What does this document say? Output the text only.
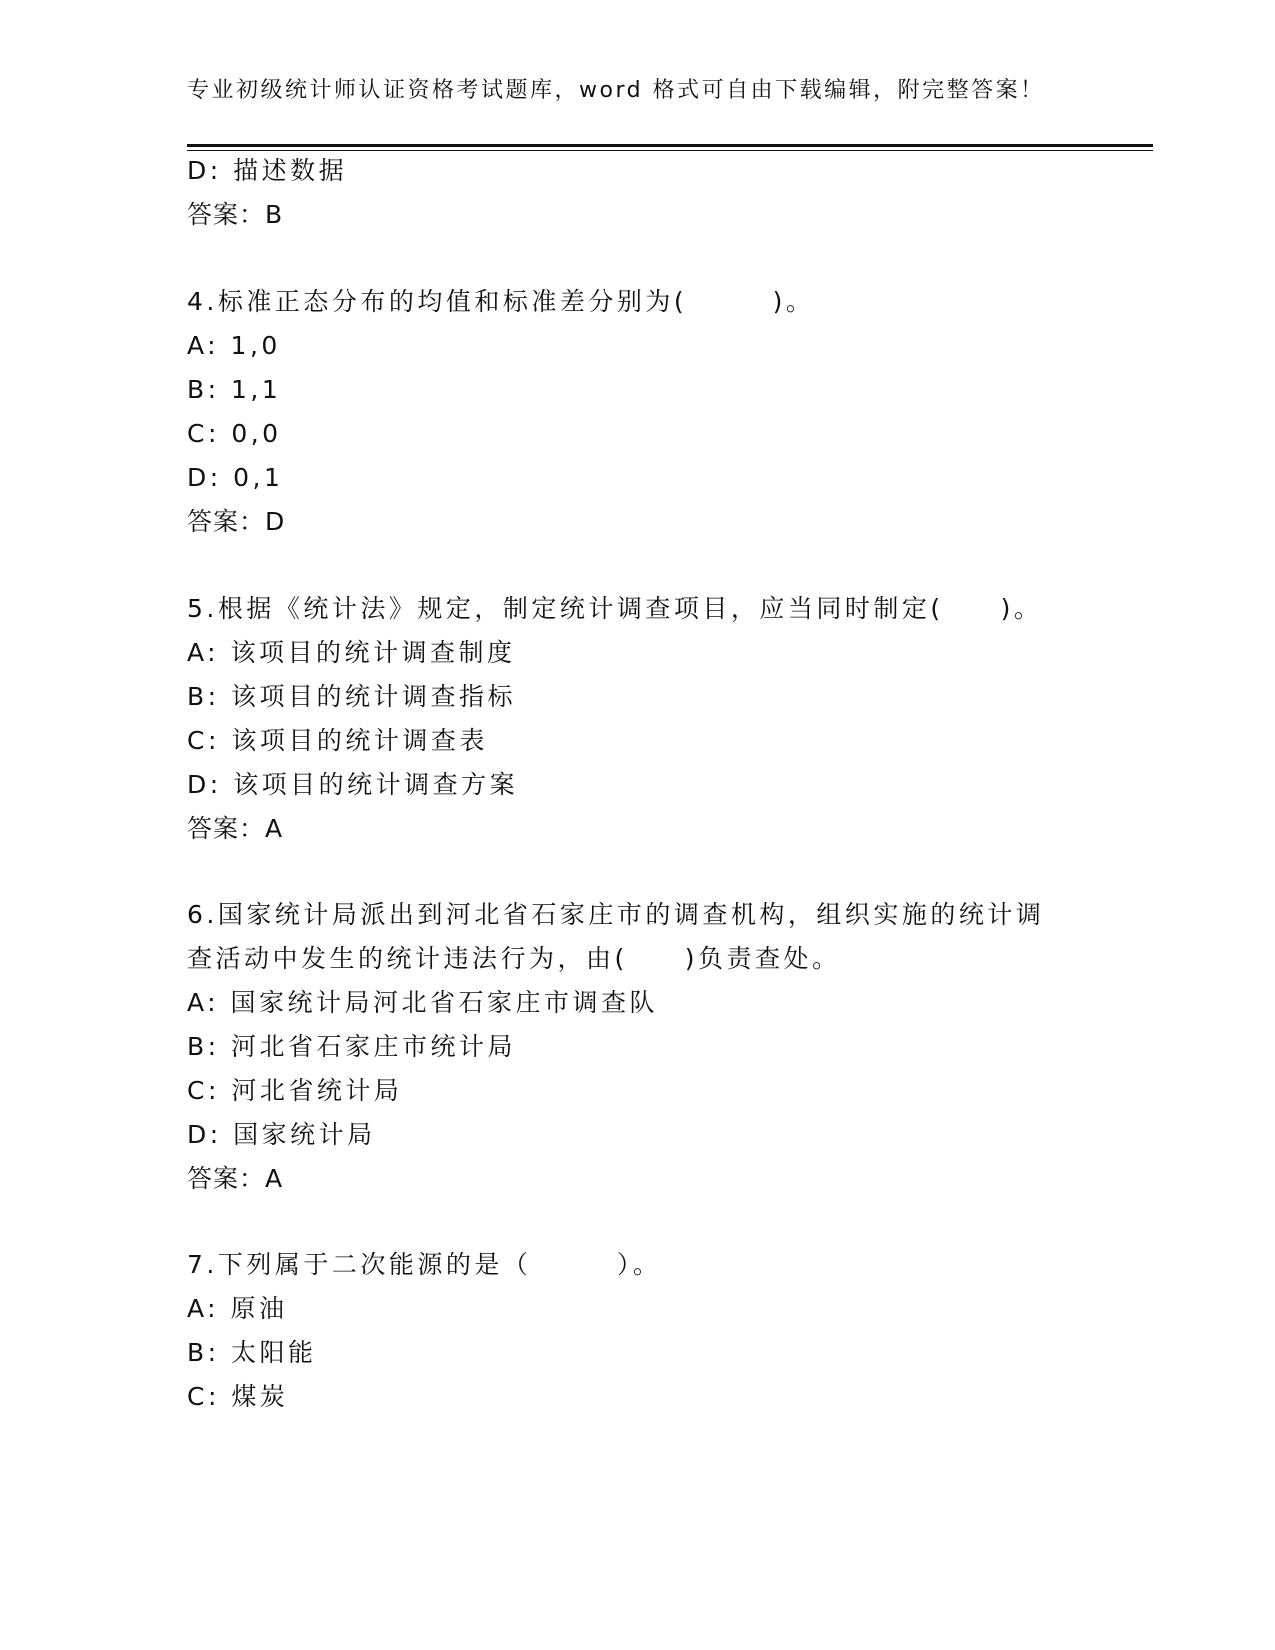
专业初级统计师认证资格考试题库，word 格式可自由下载编辑，附完整答案！
D: 描述数据
答案：B
4.标准正态分布的均值和标准差分别为(　　　)。
A: 1,0
B: 1,1
C: 0,0
D: 0,1
答案：D
5.根据《统计法》规定，制定统计调查项目，应当同时制定(　　)。
A: 该项目的统计调查制度
B: 该项目的统计调查指标
C: 该项目的统计调查表
D: 该项目的统计调查方案
答案：A
6.国家统计局派出到河北省石家庄市的调查机构，组织实施的统计调
查活动中发生的统计违法行为，由(　　)负责查处。
A: 国家统计局河北省石家庄市调查队
B: 河北省石家庄市统计局
C: 河北省统计局
D: 国家统计局
答案：A
7.下列属于二次能源的是（　　　）。
A: 原油
B: 太阳能
C: 煤炭
